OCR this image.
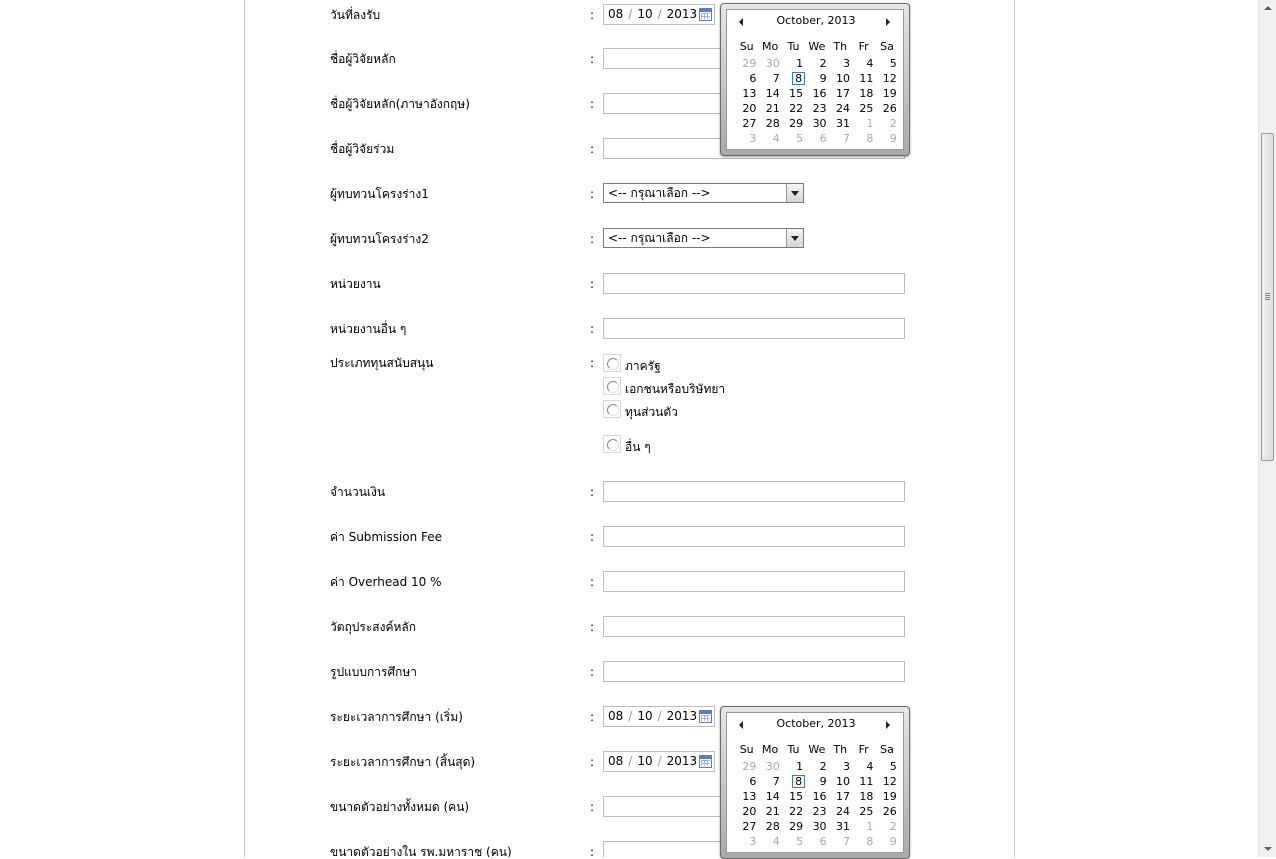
วันที่ลงรับ	:	08 / 10 / 2013
ชื่อผู้วิจัยหลัก	:
ชื่อผู้วิจัยหลัก(ภาษาอังกฤษ)	:
ชื่อผู้วิจัยร่วม	:
ผู้ทบทวนโครงร่าง1	:	<-- กรุณาเลือก -->
ผู้ทบทวนโครงร่าง2	:	<-- กรุณาเลือก -->
หน่วยงาน	:
หน่วยงานอื่น ๆ	:
ประเภททุนสนับสนุน	:	ภาครัฐ
เอกชนหรือบริษัทยา
ทุนส่วนตัว
อื่น ๆ
จำนวนเงิน	:
ค่า Submission Fee	:
ค่า Overhead 10 %	:
วัตถุประสงค์หลัก	:
รูปแบบการศึกษา	:
ระยะเวลาการศึกษา (เริ่ม)	:	08 / 10 / 2013
ระยะเวลาการศึกษา (สิ้นสุด)	:	08 / 10 / 2013
ขนาดตัวอย่างทั้งหมด (คน)	:
ขนาดตัวอย่างใน รพ.มหาราช (คน)	:
October, 2013
Su	Mo	Tu	We	Th	Fr	Sa
29	30	1	2	3	4	5
6	7	8	9	10	11	12
13	14	15	16	17	18	19
20	21	22	23	24	25	26
27	28	29	30	31	1	2
3	4	5	6	7	8	9
October, 2013
Su	Mo	Tu	We	Th	Fr	Sa
29	30	1	2	3	4	5
6	7	8	9	10	11	12
13	14	15	16	17	18	19
20	21	22	23	24	25	26
27	28	29	30	31	1	2
3	4	5	6	7	8	9
